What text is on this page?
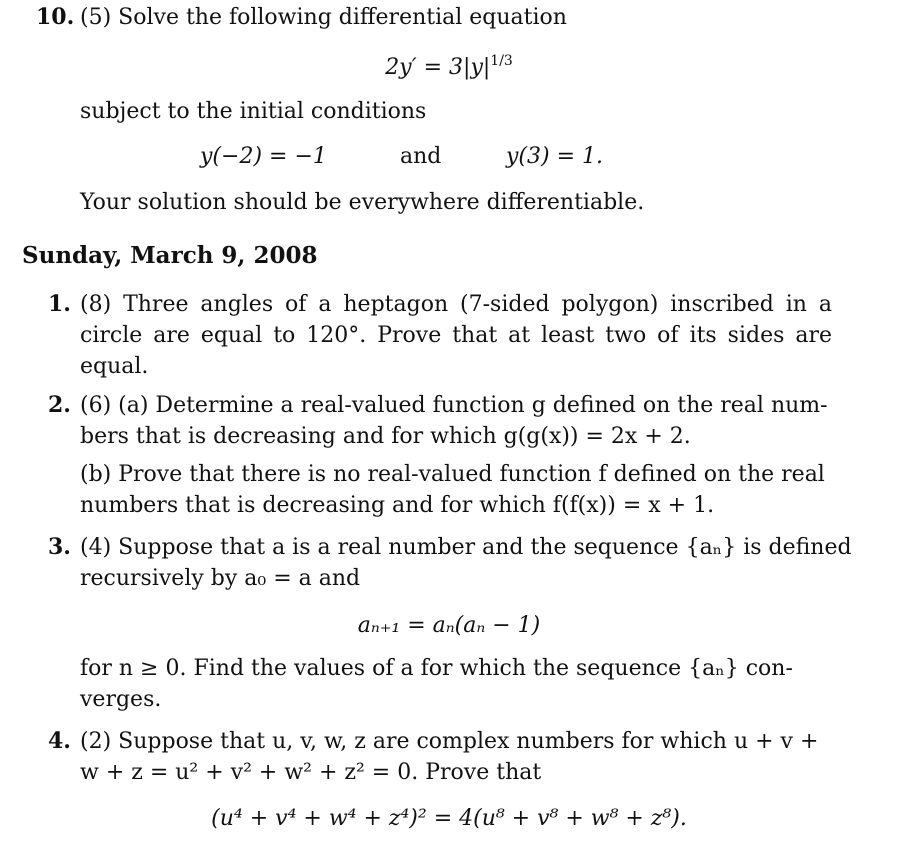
10. (5) Solve the following differential equation
$2y' = 3|y|^{1/3}$
subject to the initial conditions
y(−2) = −1	and	y(3) = 1.
Your solution should be everywhere differentiable.
Sunday, March 9, 2008
1. (8) Three angles of a heptagon (7-sided polygon) inscribed in a circle are equal to 120°. Prove that at least two of its sides are equal.
2. (6) (a) Determine a real-valued function g defined on the real num-
bers that is decreasing and for which g(g(x)) = 2x + 2.
(b) Prove that there is no real-valued function f defined on the real
numbers that is decreasing and for which f(f(x)) = x + 1.
3. (4) Suppose that a is a real number and the sequence {aₙ} is defined
recursively by a₀ = a and
aₙ₊₁ = aₙ(aₙ − 1)
for n ≥ 0. Find the values of a for which the sequence {aₙ} con-
verges.
4. (2) Suppose that u, v, w, z are complex numbers for which u + v +
w + z = u² + v² + w² + z² = 0. Prove that
(u⁴ + v⁴ + w⁴ + z⁴)² = 4(u⁸ + v⁸ + w⁸ + z⁸).
